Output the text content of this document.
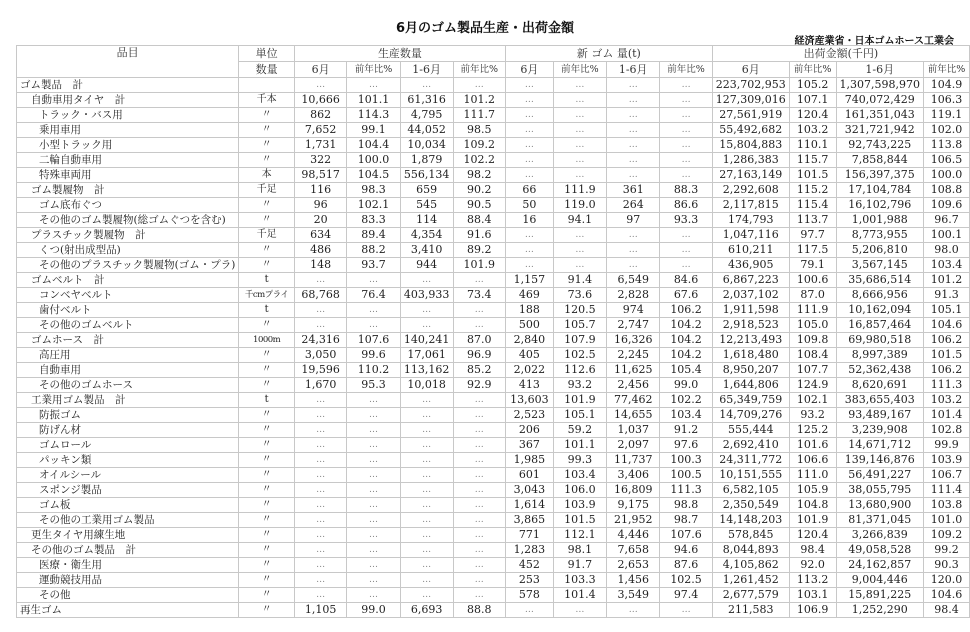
6月のゴム製品生産・出荷金額
経済産業省・日本ゴムホース工業会
品目	単位	生産数量				新 ゴム 量(t)				出荷金額(千円)			
	数量	6月	前年比%	1-6月	前年比%	6月	前年比%	1-6月	前年比%	6月	前年比%	1-6月	前年比%
ゴム製品　計		…	…	…	…	…	…	…	…	223,702,953	105.2	1,307,598,970	104.9
自動車用タイヤ　計	千本	10,666	101.1	61,316	101.2	…	…	…	…	127,309,016	107.1	740,072,429	106.3
トラック・バス用	〃	862	114.3	4,795	111.7	…	…	…	…	27,561,919	120.4	161,351,043	119.1
乗用車用	〃	7,652	99.1	44,052	98.5	…	…	…	…	55,492,682	103.2	321,721,942	102.0
小型トラック用	〃	1,731	104.4	10,034	109.2	…	…	…	…	15,804,883	110.1	92,743,225	113.8
二輪自動車用	〃	322	100.0	1,879	102.2	…	…	…	…	1,286,383	115.7	7,858,844	106.5
特殊車両用	本	98,517	104.5	556,134	98.2	…	…	…	…	27,163,149	101.5	156,397,375	100.0
ゴム製履物　計	千足	116	98.3	659	90.2	66	111.9	361	88.3	2,292,608	115.2	17,104,784	108.8
ゴム底布ぐつ	〃	96	102.1	545	90.5	50	119.0	264	86.6	2,117,815	115.4	16,102,796	109.6
その他のゴム製履物(総ゴムぐつを含む)	〃	20	83.3	114	88.4	16	94.1	97	93.3	174,793	113.7	1,001,988	96.7
プラスチック製履物　計	千足	634	89.4	4,354	91.6	…	…	…	…	1,047,116	97.7	8,773,955	100.1
くつ(射出成型品)	〃	486	88.2	3,410	89.2	…	…	…	…	610,211	117.5	5,206,810	98.0
その他のプラスチック製履物(ゴム・プラ)	〃	148	93.7	944	101.9	…	…	…	…	436,905	79.1	3,567,145	103.4
ゴムベルト　計	t	…	…	…	…	1,157	91.4	6,549	84.6	6,867,223	100.6	35,686,514	101.2
コンベヤベルト	千cmプライ	68,768	76.4	403,933	73.4	469	73.6	2,828	67.6	2,037,102	87.0	8,666,956	91.3
歯付ベルト	t	…	…	…	…	188	120.5	974	106.2	1,911,598	111.9	10,162,094	105.1
その他のゴムベルト	〃	…	…	…	…	500	105.7	2,747	104.2	2,918,523	105.0	16,857,464	104.6
ゴムホース　計	1000m	24,316	107.6	140,241	87.0	2,840	107.9	16,326	104.2	12,213,493	109.8	69,980,518	106.2
高圧用	〃	3,050	99.6	17,061	96.9	405	102.5	2,245	104.2	1,618,480	108.4	8,997,389	101.5
自動車用	〃	19,596	110.2	113,162	85.2	2,022	112.6	11,625	105.4	8,950,207	107.7	52,362,438	106.2
その他のゴムホース	〃	1,670	95.3	10,018	92.9	413	93.2	2,456	99.0	1,644,806	124.9	8,620,691	111.3
工業用ゴム製品　計	t	…	…	…	…	13,603	101.9	77,462	102.2	65,349,759	102.1	383,655,403	103.2
防振ゴム	〃	…	…	…	…	2,523	105.1	14,655	103.4	14,709,276	93.2	93,489,167	101.4
防げん材	〃	…	…	…	…	206	59.2	1,037	91.2	555,444	125.2	3,239,908	102.8
ゴムロール	〃	…	…	…	…	367	101.1	2,097	97.6	2,692,410	101.6	14,671,712	99.9
パッキン類	〃	…	…	…	…	1,985	99.3	11,737	100.3	24,311,772	106.6	139,146,876	103.9
オイルシール	〃	…	…	…	…	601	103.4	3,406	100.5	10,151,555	111.0	56,491,227	106.7
スポンジ製品	〃	…	…	…	…	3,043	106.0	16,809	111.3	6,582,105	105.9	38,055,795	111.4
ゴム板	〃	…	…	…	…	1,614	103.9	9,175	98.8	2,350,549	104.8	13,680,900	103.8
その他の工業用ゴム製品	〃	…	…	…	…	3,865	101.5	21,952	98.7	14,148,203	101.9	81,371,045	101.0
更生タイヤ用練生地	〃	…	…	…	…	771	112.1	4,446	107.6	578,845	120.4	3,266,839	109.2
その他のゴム製品　計	〃	…	…	…	…	1,283	98.1	7,658	94.6	8,044,893	98.4	49,058,528	99.2
医療・衛生用	〃	…	…	…	…	452	91.7	2,653	87.6	4,105,862	92.0	24,162,857	90.3
運動競技用品	〃	…	…	…	…	253	103.3	1,456	102.5	1,261,452	113.2	9,004,446	120.0
その他	〃	…	…	…	…	578	101.4	3,549	97.4	2,677,579	103.1	15,891,225	104.6
再生ゴム	〃	1,105	99.0	6,693	88.8	…	…	…	…	211,583	106.9	1,252,290	98.4
